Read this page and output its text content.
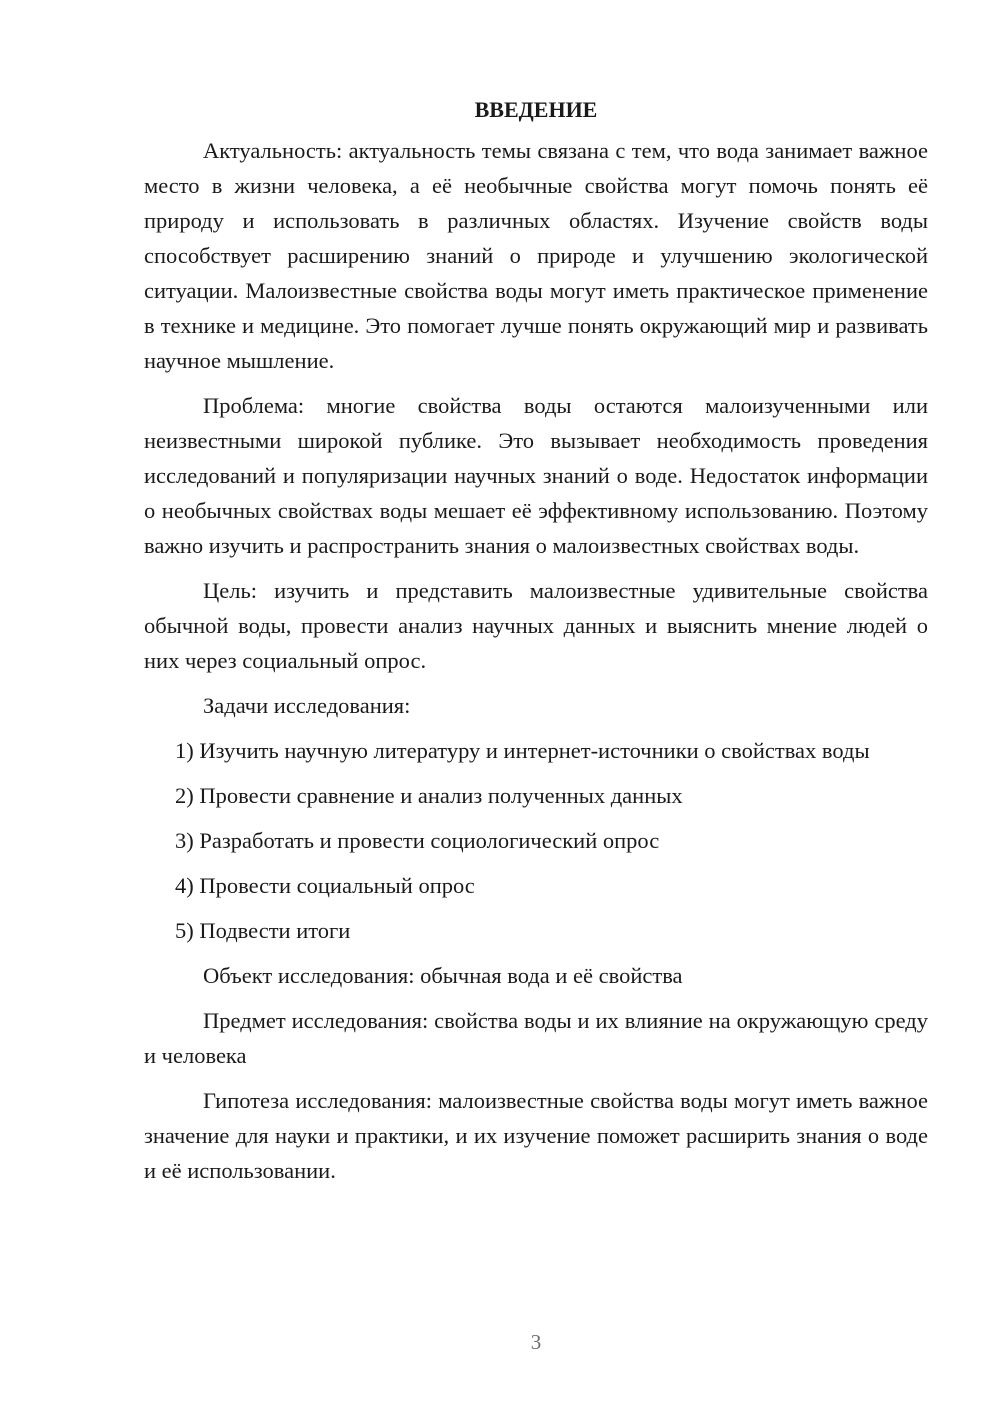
ВВЕДЕНИЕ

Актуальность: актуальность темы связана с тем, что вода занимает важное место в жизни человека, а её необычные свойства могут помочь понять её природу и использовать в различных областях. Изучение свойств воды способствует расширению знаний о природе и улучшению экологической ситуации. Малоизвестные свойства воды могут иметь практическое применение в технике и медицине. Это помогает лучше понять окружающий мир и развивать научное мышление.

Проблема: многие свойства воды остаются малоизученными или неизвестными широкой публике. Это вызывает необходимость проведения исследований и популяризации научных знаний о воде. Недостаток информации о необычных свойствах воды мешает её эффективному использованию. Поэтому важно изучить и распространить знания о малоизвестных свойствах воды.

Цель: изучить и представить малоизвестные удивительные свойства обычной воды, провести анализ научных данных и выяснить мнение людей о них через социальный опрос.

Задачи исследования:

1) Изучить научную литературу и интернет-источники о свойствах воды

2) Провести сравнение и анализ полученных данных

3) Разработать и провести социологический опрос

4) Провести социальный опрос

5) Подвести итоги

Объект исследования: обычная вода и её свойства

Предмет исследования: свойства воды и их влияние на окружающую среду и человека

Гипотеза исследования: малоизвестные свойства воды могут иметь важное значение для науки и практики, и их изучение поможет расширить знания о воде и её использовании.

3
